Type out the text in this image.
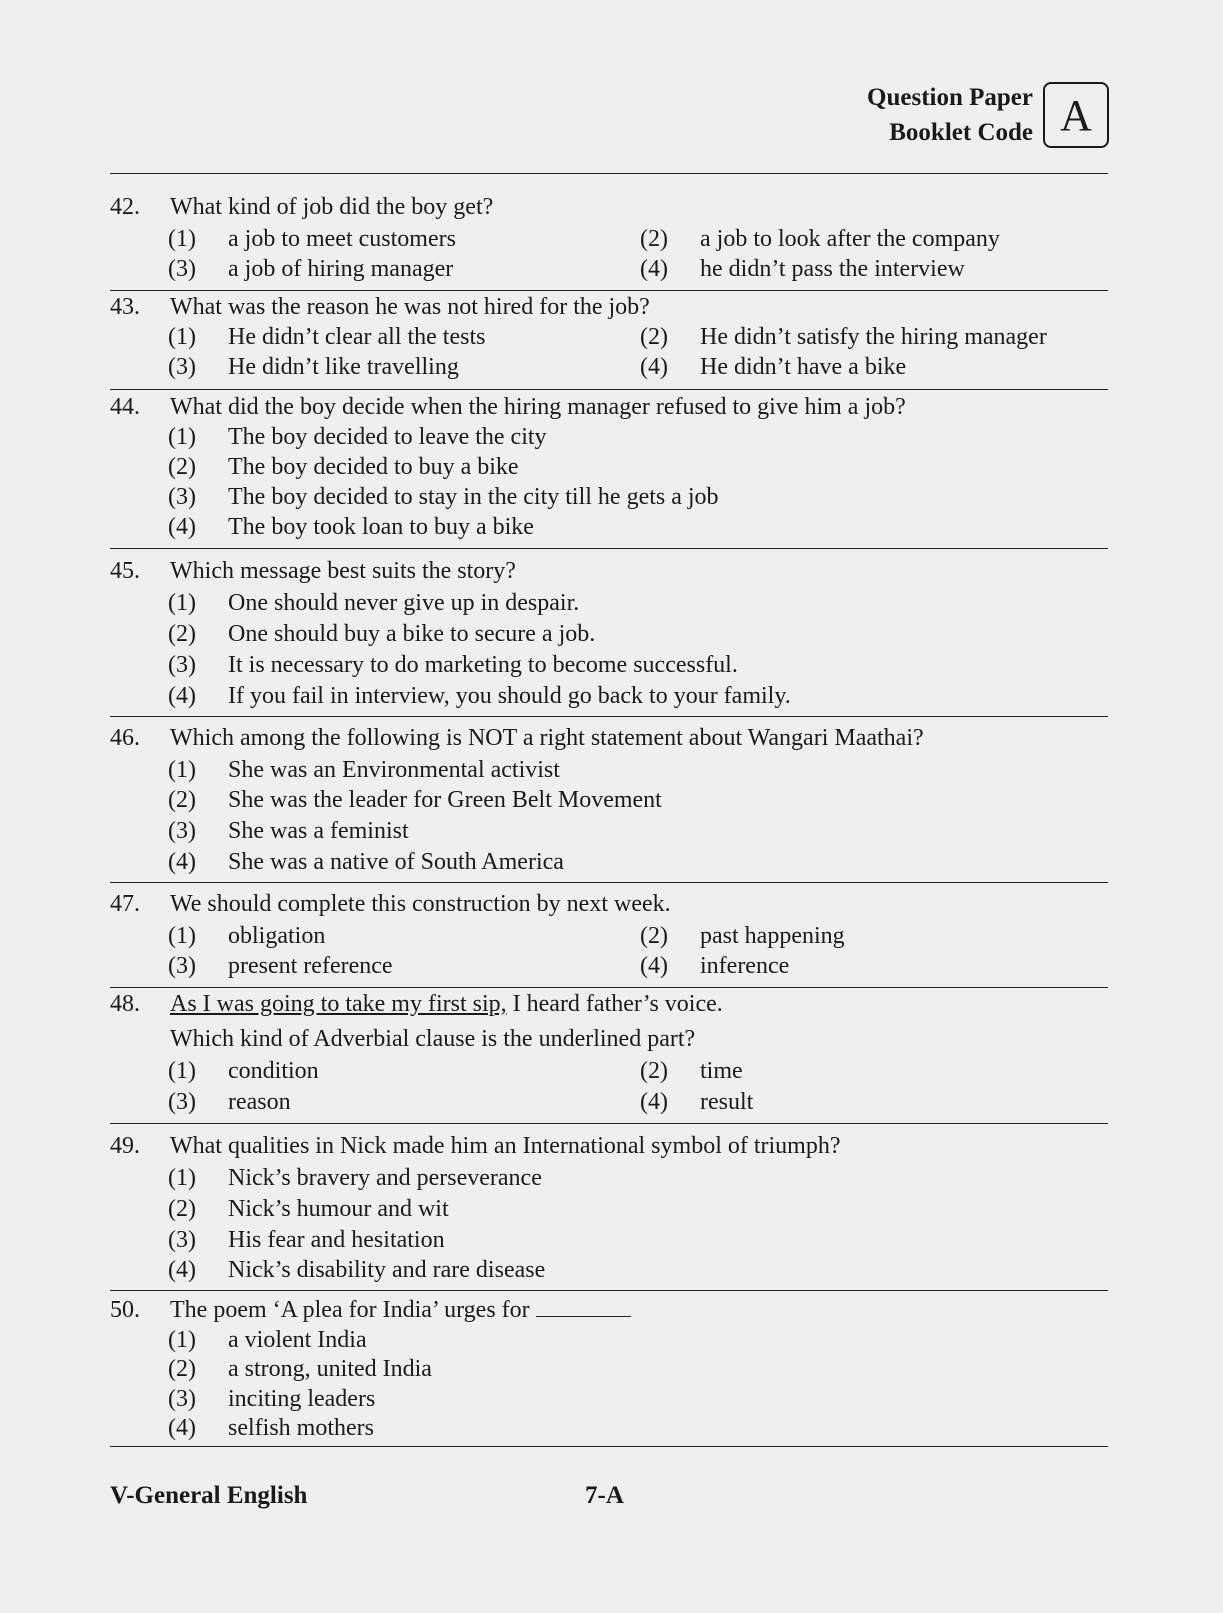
Question Paper
Booklet Code A
42. What kind of job did the boy get?
(1) a job to meet customers	(2) a job to look after the company
(3) a job of hiring manager	(4) he didn’t pass the interview
43. What was the reason he was not hired for the job?
(1) He didn’t clear all the tests	(2) He didn’t satisfy the hiring manager
(3) He didn’t like travelling	(4) He didn’t have a bike
44. What did the boy decide when the hiring manager refused to give him a job?
(1) The boy decided to leave the city
(2) The boy decided to buy a bike
(3) The boy decided to stay in the city till he gets a job
(4) The boy took loan to buy a bike
45. Which message best suits the story?
(1) One should never give up in despair.
(2) One should buy a bike to secure a job.
(3) It is necessary to do marketing to become successful.
(4) If you fail in interview, you should go back to your family.
46. Which among the following is NOT a right statement about Wangari Maathai?
(1) She was an Environmental activist
(2) She was the leader for Green Belt Movement
(3) She was a feminist
(4) She was a native of South America
47. We should complete this construction by next week.
(1) obligation	(2) past happening
(3) present reference	(4) inference
48. As I was going to take my first sip, I heard father’s voice.
Which kind of Adverbial clause is the underlined part?
(1) condition	(2) time
(3) reason	(4) result
49. What qualities in Nick made him an International symbol of triumph?
(1) Nick’s bravery and perseverance
(2) Nick’s humour and wit
(3) His fear and hesitation
(4) Nick’s disability and rare disease
50. The poem ‘A plea for India’ urges for
(1) a violent India
(2) a strong, united India
(3) inciting leaders
(4) selfish mothers
V-General English	7-A
